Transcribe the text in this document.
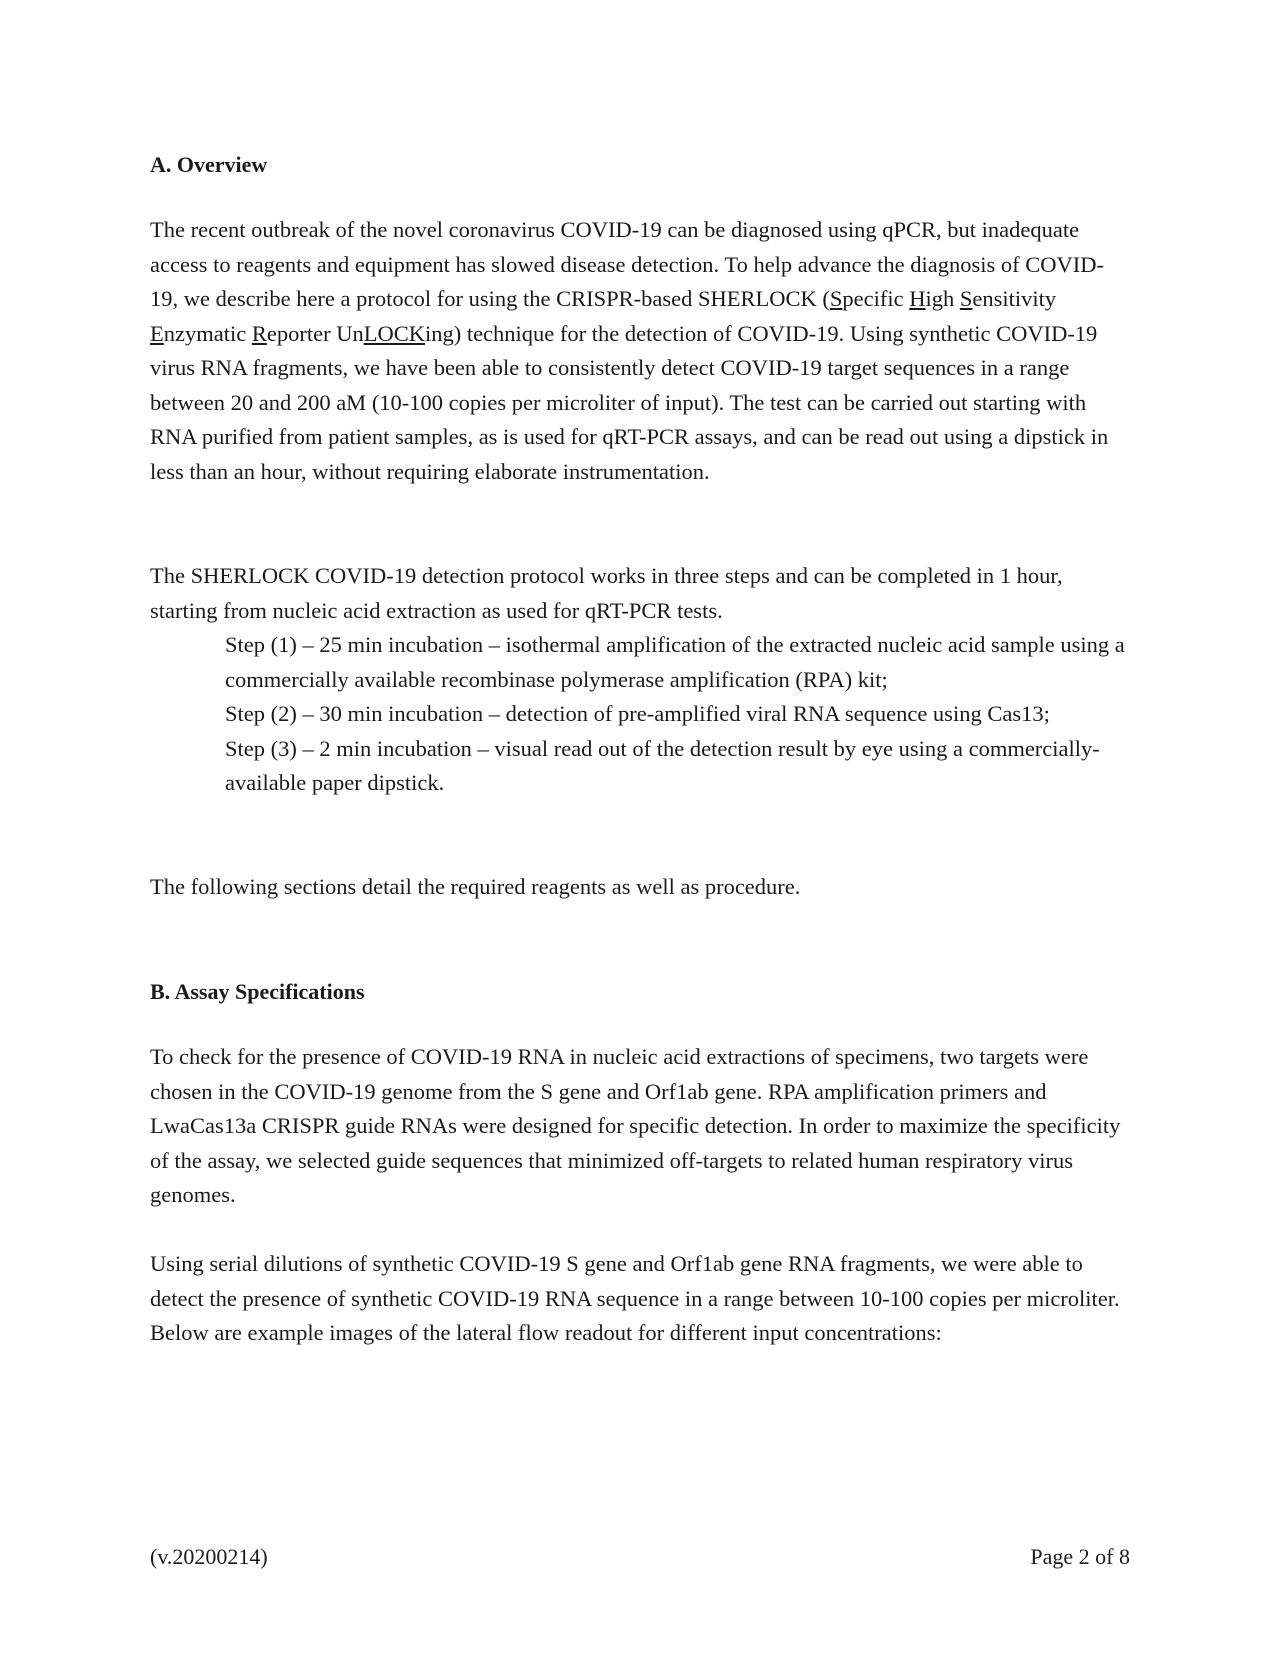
A. Overview

The recent outbreak of the novel coronavirus COVID-19 can be diagnosed using qPCR, but inadequate access to reagents and equipment has slowed disease detection. To help advance the diagnosis of COVID-19, we describe here a protocol for using the CRISPR-based SHERLOCK (Specific High Sensitivity Enzymatic Reporter UnLOCKing) technique for the detection of COVID-19. Using synthetic COVID-19 virus RNA fragments, we have been able to consistently detect COVID-19 target sequences in a range between 20 and 200 aM (10-100 copies per microliter of input). The test can be carried out starting with RNA purified from patient samples, as is used for qRT-PCR assays, and can be read out using a dipstick in less than an hour, without requiring elaborate instrumentation.

The SHERLOCK COVID-19 detection protocol works in three steps and can be completed in 1 hour, starting from nucleic acid extraction as used for qRT-PCR tests.

Step (1) – 25 min incubation – isothermal amplification of the extracted nucleic acid sample using a commercially available recombinase polymerase amplification (RPA) kit;
Step (2) – 30 min incubation – detection of pre-amplified viral RNA sequence using Cas13;
Step (3) – 2 min incubation – visual read out of the detection result by eye using a commercially-available paper dipstick.

The following sections detail the required reagents as well as procedure.

B. Assay Specifications

To check for the presence of COVID-19 RNA in nucleic acid extractions of specimens, two targets were chosen in the COVID-19 genome from the S gene and Orf1ab gene. RPA amplification primers and LwaCas13a CRISPR guide RNAs were designed for specific detection. In order to maximize the specificity of the assay, we selected guide sequences that minimized off-targets to related human respiratory virus genomes.

Using serial dilutions of synthetic COVID-19 S gene and Orf1ab gene RNA fragments, we were able to detect the presence of synthetic COVID-19 RNA sequence in a range between 10-100 copies per microliter. Below are example images of the lateral flow readout for different input concentrations:

(v.20200214)	Page 2 of 8
